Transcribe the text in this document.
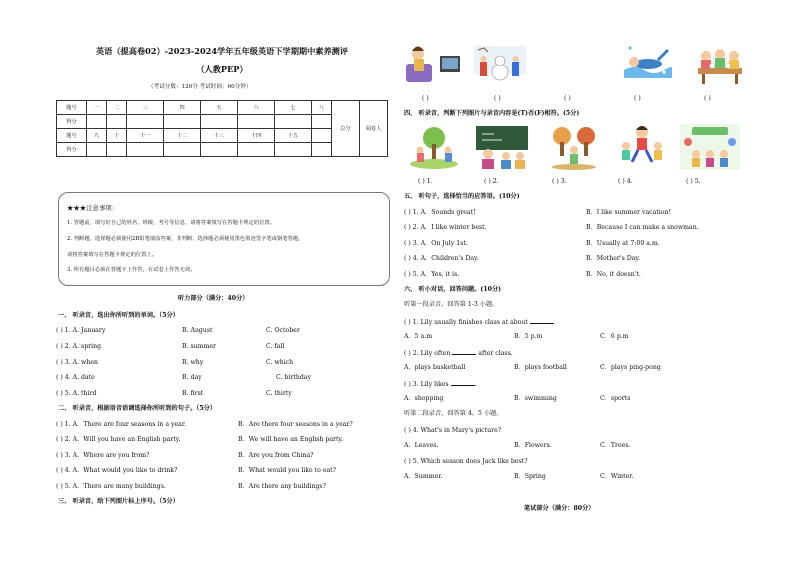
英语（提高卷02）-2023-2024学年五年级英语下学期期中素养测评
（人教PEP）
（考试分数：120分 考试时间：60分钟）
题号	一	二	三	四	五	六	七	八	总分	阅卷人
得分										
题号	九	十	十一	十二	十三	十四	十五			
得分										
★★★注意事项：
1. 答题前，填写好自己的姓名、班级、考号等信息，请将答案填写在答题卡规定的位置。
2. 判断题、选择题必须使用2B铅笔填涂答案，非判断、选择题必须使用黑色墨迹签字笔或钢笔答题，
请将答案填写在答题卡规定的位置上。
3. 所有题目必须在答题卡上作答，在试卷上作答无效。
听力部分（满分：40分）
一、 听录音，选出你所听到的单词。（5分）
( ) 1. A. January	B. August	C. October
( ) 2. A. spring	B. summer	C. fall
( ) 3. A. when	B. why	C. which
( ) 4. A. date	B. day	C. birthday
( ) 5. A. third	B. first	C. thirty
二、 听录音，根据语音语调选择你所听到的句子。（5分）
( ) 1. A．There are four seasons in a year.	B．Are there four seasons in a year?
( ) 2. A．Will you have an English party.	B．We will have an English party.
( ) 3. A．Where are you from?	B．Are you from China?
( ) 4. A．What would you like to drink?	B．What would you like to eat?
( ) 5. A．There are many buildings.	B．Are there any buildings?
三、 听录音，给下列图片标上序号。（5分）
( )	( )	( )	( )	( )
四、 听录音，判断下列图片与录音内容是(T)否(F)相符。(5分)
( ) 1.	( ) 2.	( ) 3.	( ) 4.	( ) 5.
五、 听句子，选择恰当的应答语。(10分)
( ) 1. A．Sounds great!	B．I like summer vacation!
( ) 2. A．I like winter best.	B．Because I can make a snowman.
( ) 3. A．On July 1st.	B．Usually at 7:00 a.m.
( ) 4. A．Children's Day.	B．Mother's Day.
( ) 5. A．Yes, it is.	B．No, it doesn't.
六、 听小对话，回答问题。(10分)
听第一段录音，回答第 1-3 小题。
( ) 1. Lily usually finishes class at about
A．5 a.m	B．5 p.m	C．6 p.m
( ) 2. Lily often	after class.
A．plays basketball	B．plays football	C．plays ping-pong
( ) 3. Lily likes	.
A．shopping	B．swimming	C．sports
听第二段录音，回答第 4、5 小题。
( ) 4. What's in Mary's picture?
A．Leaves.	B．Flowers.	C．Trees.
( ) 5. Which season does Jack like best?
A．Summer.	B．Spring	C．Winter.
笔试部分（满分：80分）
